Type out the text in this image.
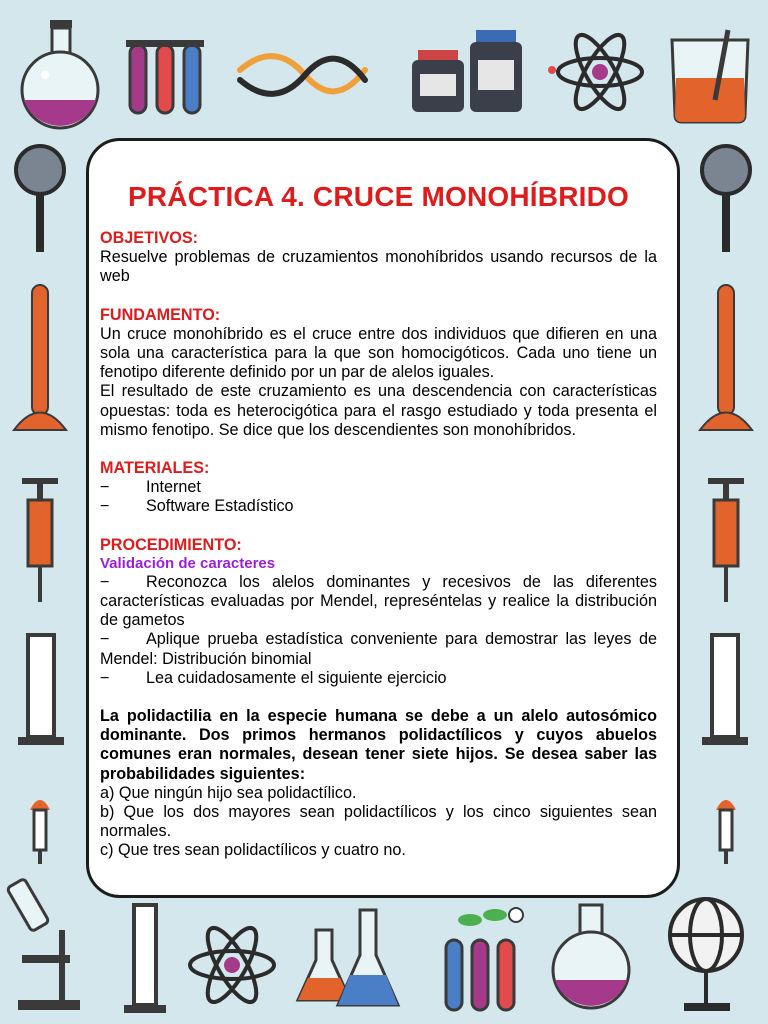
PRÁCTICA 4. CRUCE MONOHÍBRIDO
OBJETIVOS:
Resuelve problemas de cruzamientos monohíbridos usando recursos de la web
FUNDAMENTO:
Un cruce monohíbrido es el cruce entre dos individuos que difieren en una sola una característica para la que son homocigóticos. Cada uno tiene un fenotipo diferente definido por un par de alelos iguales.
El resultado de este cruzamiento es una descendencia con características opuestas: toda es heterocigótica para el rasgo estudiado y toda presenta el mismo fenotipo. Se dice que los descendientes son monohíbridos.
MATERIALES:
−	Internet
−	Software Estadístico
PROCEDIMIENTO:
Validación de caracteres
− Reconozca los alelos dominantes y recesivos de las diferentes características evaluadas por Mendel, represéntelas y realice la distribución de gametos
− Aplique prueba estadística conveniente para demostrar las leyes de Mendel: Distribución binomial
− Lea cuidadosamente el siguiente ejercicio
La polidactilia en la especie humana se debe a un alelo autosómico dominante. Dos primos hermanos polidactílicos y cuyos abuelos comunes eran normales, desean tener siete hijos. Se desea saber las probabilidades siguientes:
a) Que ningún hijo sea polidactílico.
b) Que los dos mayores sean polidactílicos y los cinco siguientes sean normales.
c) Que tres sean polidactílicos y cuatro no.
